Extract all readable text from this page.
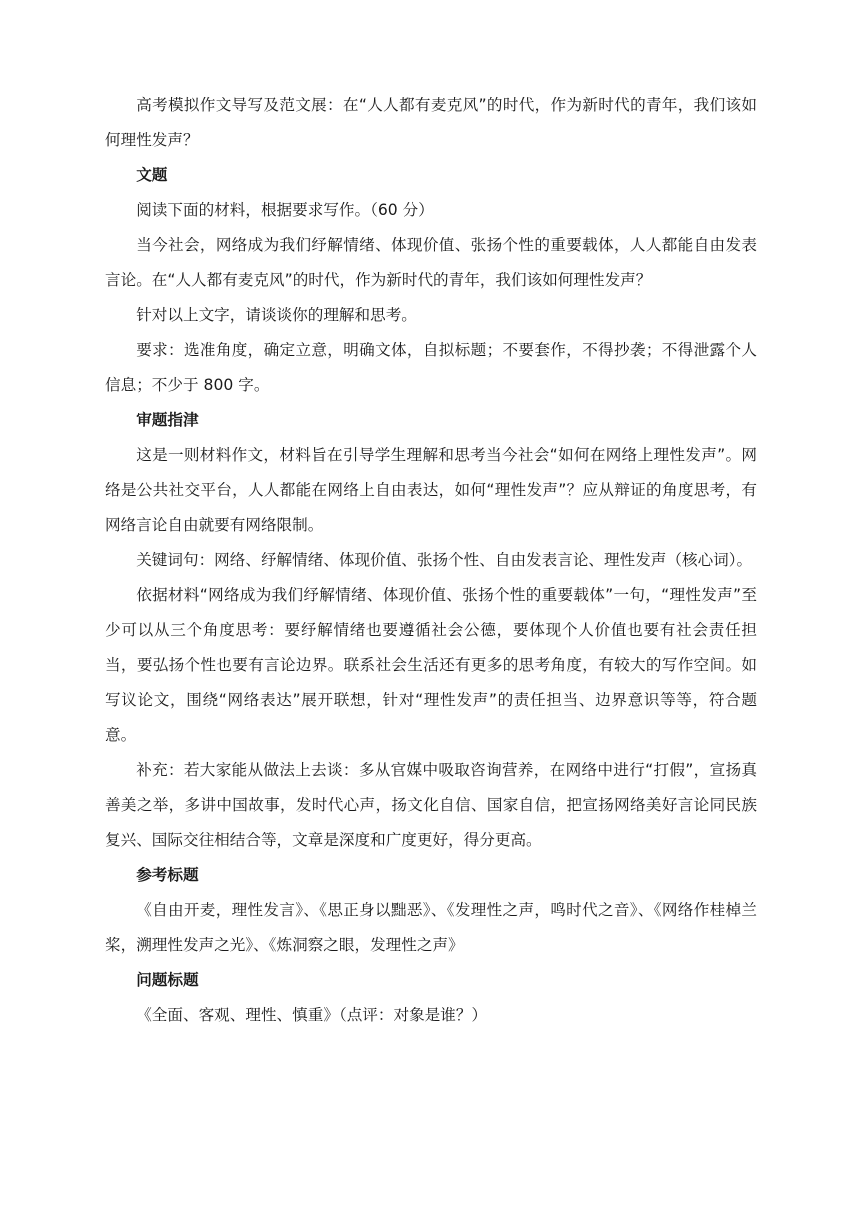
高考模拟作文导写及范文展：在“人人都有麦克风”的时代，作为新时代的青年，我们该如何理性发声？

文题

阅读下面的材料，根据要求写作。（60 分）

当今社会，网络成为我们纾解情绪、体现价值、张扬个性的重要载体，人人都能自由发表言论。在“人人都有麦克风”的时代，作为新时代的青年，我们该如何理性发声？

针对以上文字，请谈谈你的理解和思考。

要求：选准角度，确定立意，明确文体，自拟标题；不要套作，不得抄袭；不得泄露个人信息；不少于 800 字。

审题指津

这是一则材料作文，材料旨在引导学生理解和思考当今社会“如何在网络上理性发声”。网络是公共社交平台，人人都能在网络上自由表达，如何“理性发声”？应从辩证的角度思考，有网络言论自由就要有网络限制。

关键词句：网络、纾解情绪、体现价值、张扬个性、自由发表言论、理性发声（核心词）。

依据材料“网络成为我们纾解情绪、体现价值、张扬个性的重要载体”一句，“理性发声”至少可以从三个角度思考：要纾解情绪也要遵循社会公德，要体现个人价值也要有社会责任担当，要弘扬个性也要有言论边界。联系社会生活还有更多的思考角度，有较大的写作空间。如写议论文，围绕“网络表达”展开联想，针对“理性发声”的责任担当、边界意识等等，符合题意。

补充：若大家能从做法上去谈：多从官媒中吸取咨询营养，在网络中进行“打假”，宣扬真善美之举，多讲中国故事，发时代心声，扬文化自信、国家自信，把宣扬网络美好言论同民族复兴、国际交往相结合等，文章是深度和广度更好，得分更高。

参考标题

《自由开麦，理性发言》、《思正身以黜恶》、《发理性之声，鸣时代之音》、《网络作桂棹兰桨，溯理性发声之光》、《炼洞察之眼，发理性之声》

问题标题

《全面、客观、理性、慎重》（点评：对象是谁？）
